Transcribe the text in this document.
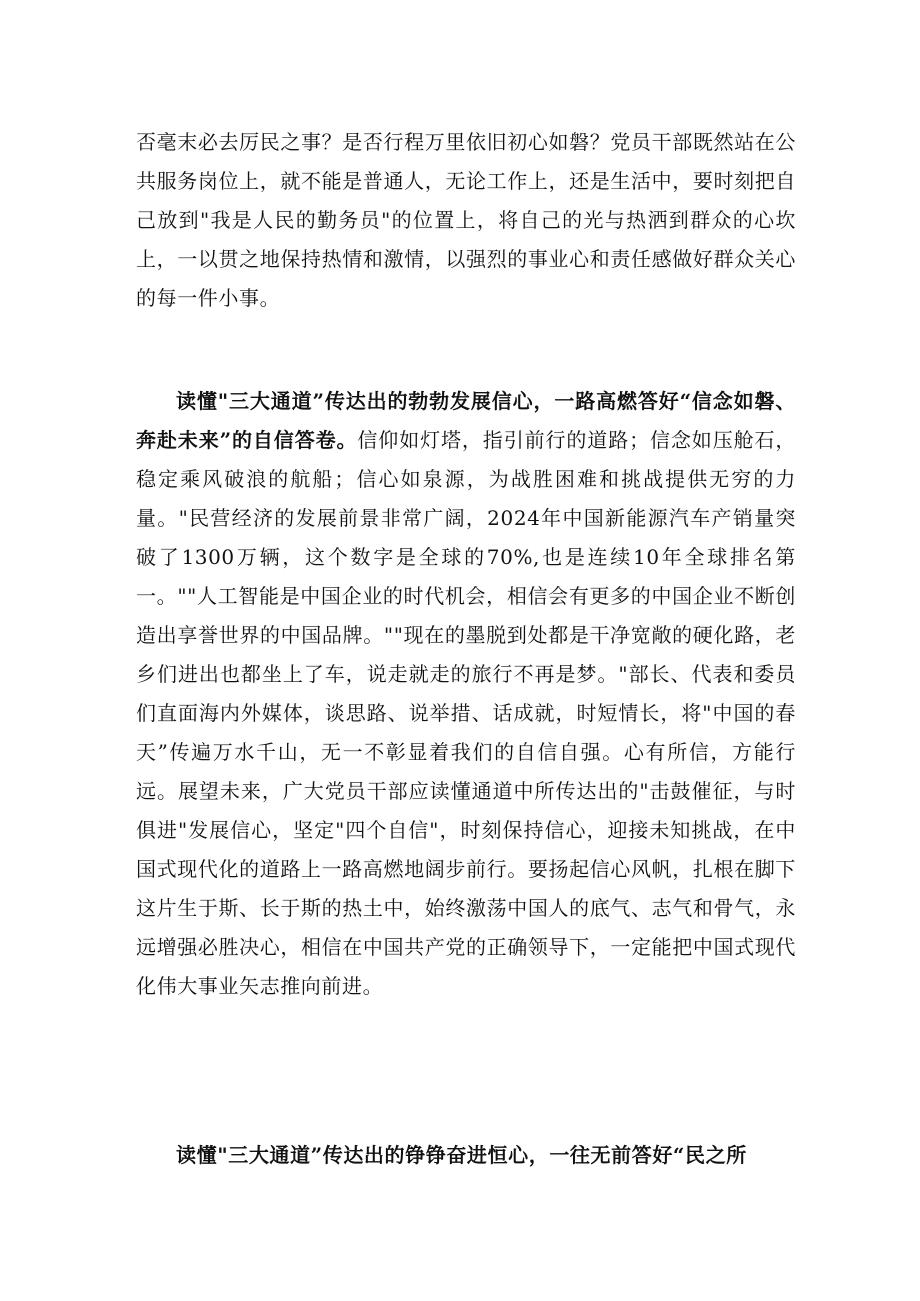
否毫末必去厉民之事？是否行程万里依旧初心如磐？党员干部既然站在公共服务岗位上，就不能是普通人，无论工作上，还是生活中，要时刻把自己放到"我是人民的勤务员"的位置上，将自己的光与热洒到群众的心坎上，一以贯之地保持热情和激情，以强烈的事业心和责任感做好群众关心的每一件小事。

读懂"三大通道”传达出的勃勃发展信心，一路高燃答好“信念如磐、奔赴未来”的自信答卷。信仰如灯塔，指引前行的道路；信念如压舱石，稳定乘风破浪的航船；信心如泉源，为战胜困难和挑战提供无穷的力量。"民营经济的发展前景非常广阔，2024年中国新能源汽车产销量突破了1300万辆，这个数字是全球的70%,也是连续10年全球排名第一。""人工智能是中国企业的时代机会，相信会有更多的中国企业不断创造出享誉世界的中国品牌。""现在的墨脱到处都是干净宽敞的硬化路，老乡们进出也都坐上了车，说走就走的旅行不再是梦。"部长、代表和委员们直面海内外媒体，谈思路、说举措、话成就，时短情长，将"中国的春天”传遍万水千山，无一不彰显着我们的自信自强。心有所信，方能行远。展望未来，广大党员干部应读懂通道中所传达出的"击鼓催征，与时俱进"发展信心，坚定"四个自信"，时刻保持信心，迎接未知挑战，在中国式现代化的道路上一路高燃地阔步前行。要扬起信心风帆，扎根在脚下这片生于斯、长于斯的热土中，始终激荡中国人的底气、志气和骨气，永远增强必胜决心，相信在中国共产党的正确领导下，一定能把中国式现代化伟大事业矢志推向前进。

读懂"三大通道”传达出的铮铮奋进恒心，一往无前答好“民之所
